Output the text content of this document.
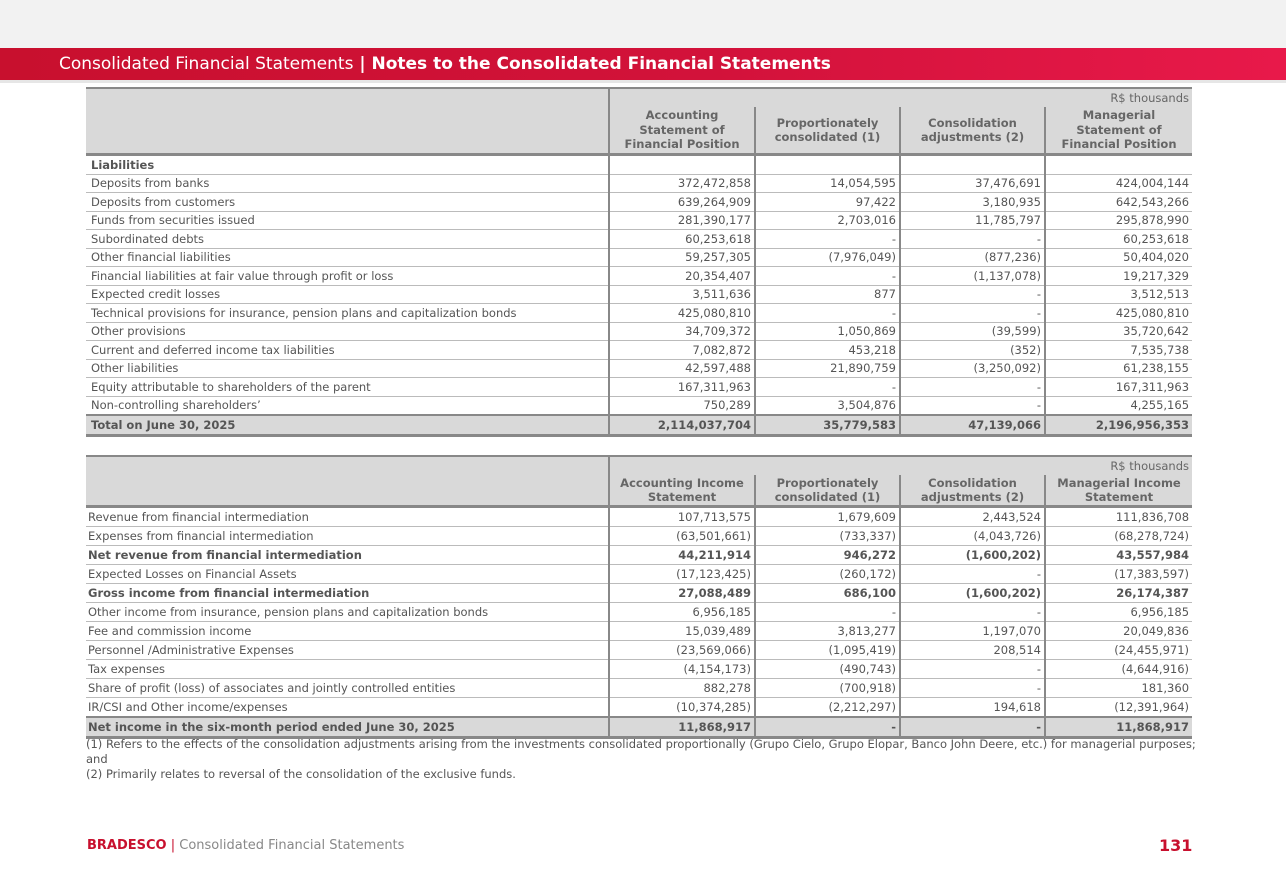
Consolidated Financial Statements | Notes to the Consolidated Financial Statements
	R$ thousands			
	Accounting Statement of Financial Position	Proportionately consolidated (1)	Consolidation adjustments (2)	Managerial Statement of Financial Position
Liabilities				
Deposits from banks	372,472,858	14,054,595	37,476,691	424,004,144
Deposits from customers	639,264,909	97,422	3,180,935	642,543,266
Funds from securities issued	281,390,177	2,703,016	11,785,797	295,878,990
Subordinated debts	60,253,618	-	-	60,253,618
Other financial liabilities	59,257,305	(7,976,049)	(877,236)	50,404,020
Financial liabilities at fair value through profit or loss	20,354,407	-	(1,137,078)	19,217,329
Expected credit losses	3,511,636	877	-	3,512,513
Technical provisions for insurance, pension plans and capitalization bonds	425,080,810	-	-	425,080,810
Other provisions	34,709,372	1,050,869	(39,599)	35,720,642
Current and deferred income tax liabilities	7,082,872	453,218	(352)	7,535,738
Other liabilities	42,597,488	21,890,759	(3,250,092)	61,238,155
Equity attributable to shareholders of the parent	167,311,963	-	-	167,311,963
Non-controlling shareholders’	750,289	3,504,876	-	4,255,165
Total on June 30, 2025	2,114,037,704	35,779,583	47,139,066	2,196,956,353
	R$ thousands			
	Accounting Income Statement	Proportionately consolidated (1)	Consolidation adjustments (2)	Managerial Income Statement
Revenue from financial intermediation	107,713,575	1,679,609	2,443,524	111,836,708
Expenses from financial intermediation	(63,501,661)	(733,337)	(4,043,726)	(68,278,724)
Net revenue from financial intermediation	44,211,914	946,272	(1,600,202)	43,557,984
Expected Losses on Financial Assets	(17,123,425)	(260,172)	-	(17,383,597)
Gross income from financial intermediation	27,088,489	686,100	(1,600,202)	26,174,387
Other income from insurance, pension plans and capitalization bonds	6,956,185	-	-	6,956,185
Fee and commission income	15,039,489	3,813,277	1,197,070	20,049,836
Personnel /Administrative Expenses	(23,569,066)	(1,095,419)	208,514	(24,455,971)
Tax expenses	(4,154,173)	(490,743)	-	(4,644,916)
Share of profit (loss) of associates and jointly controlled entities	882,278	(700,918)	-	181,360
IR/CSI and Other income/expenses	(10,374,285)	(2,212,297)	194,618	(12,391,964)
Net income in the six-month period ended June 30, 2025	11,868,917	-	-	11,868,917

(1) Refers to the effects of the consolidation adjustments arising from the investments consolidated proportionally (Grupo Cielo, Grupo Elopar, Banco John Deere, etc.) for managerial purposes; and

(2) Primarily relates to reversal of the consolidation of the exclusive funds.

BRADESCO | Consolidated Financial Statements	131
